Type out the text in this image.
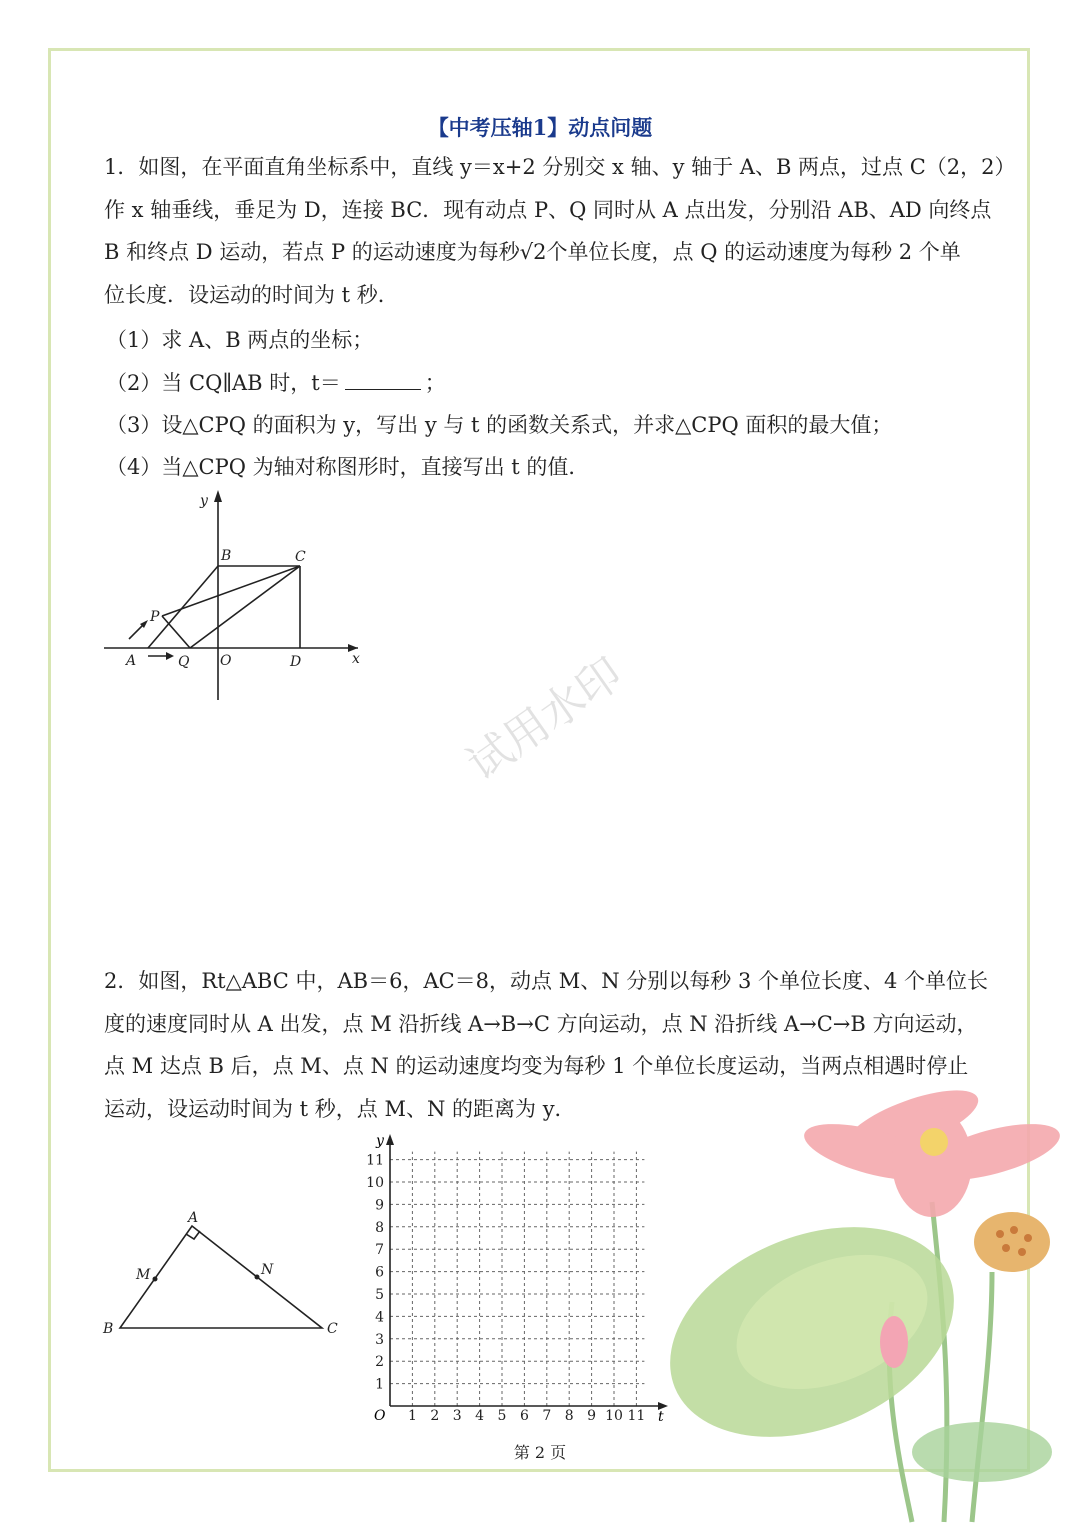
【中考压轴1】动点问题
1．如图，在平面直角坐标系中，直线 y＝x+2 分别交 x 轴、y 轴于 A、B 两点，过点 C（2，2）
作 x 轴垂线，垂足为 D，连接 BC．现有动点 P、Q 同时从 A 点出发，分别沿 AB、AD 向终点
B 和终点 D 运动，若点 P 的运动速度为每秒√2个单位长度，点 Q 的运动速度为每秒 2 个单
位长度．设运动的时间为 t 秒．
（1）求 A、B 两点的坐标；
（2）当 CQ∥AB 时，t＝	；
（3）设△CPQ 的面积为 y，写出 y 与 t 的函数关系式，并求△CPQ 面积的最大值；
（4）当△CPQ 为轴对称图形时，直接写出 t 的值．
y
x
B	C
P
A	Q O	D	试用水印
2．如图，Rt△ABC 中，AB＝6，AC＝8，动点 M、N 分别以每秒 3 个单位长度、4 个单位长
度的速度同时从 A 出发，点 M 沿折线 A→B→C 方向运动，点 N 沿折线 A→C→B 方向运动，
点 M 达点 B 后，点 M、点 N 的运动速度均变为每秒 1 个单位长度运动，当两点相遇时停止
运动，设运动时间为 t 秒，点 M、N 的距离为 y．
A
M	N
B	C
1
2
3
4
5
6
7
8
9
10
11
1 2 3 4 5 6 7 8 9 10 11
y
t
O
第 2 页
